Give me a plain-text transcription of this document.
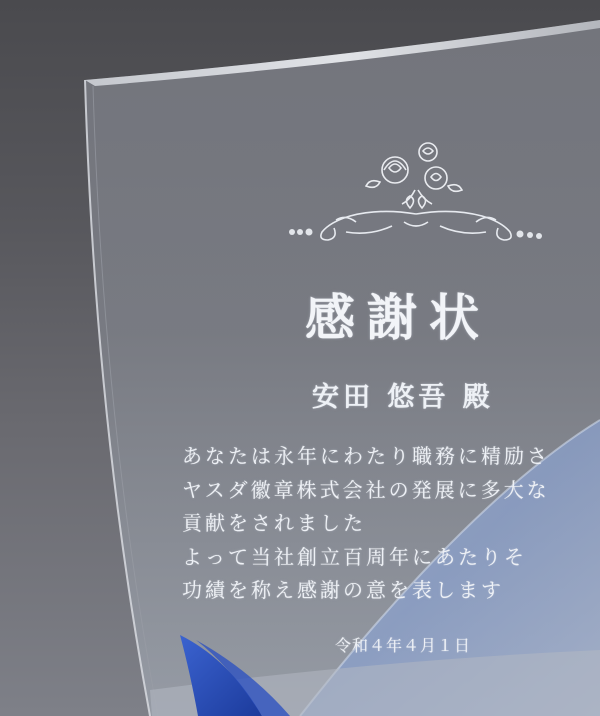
感謝状
安田 悠吾 殿
あなたは永年にわたり職務に精励さ
ヤスダ徽章株式会社の発展に多大な
貢献をされました
よって当社創立百周年にあたりそ
功績を称え感謝の意を表します
令和４年４月１日
